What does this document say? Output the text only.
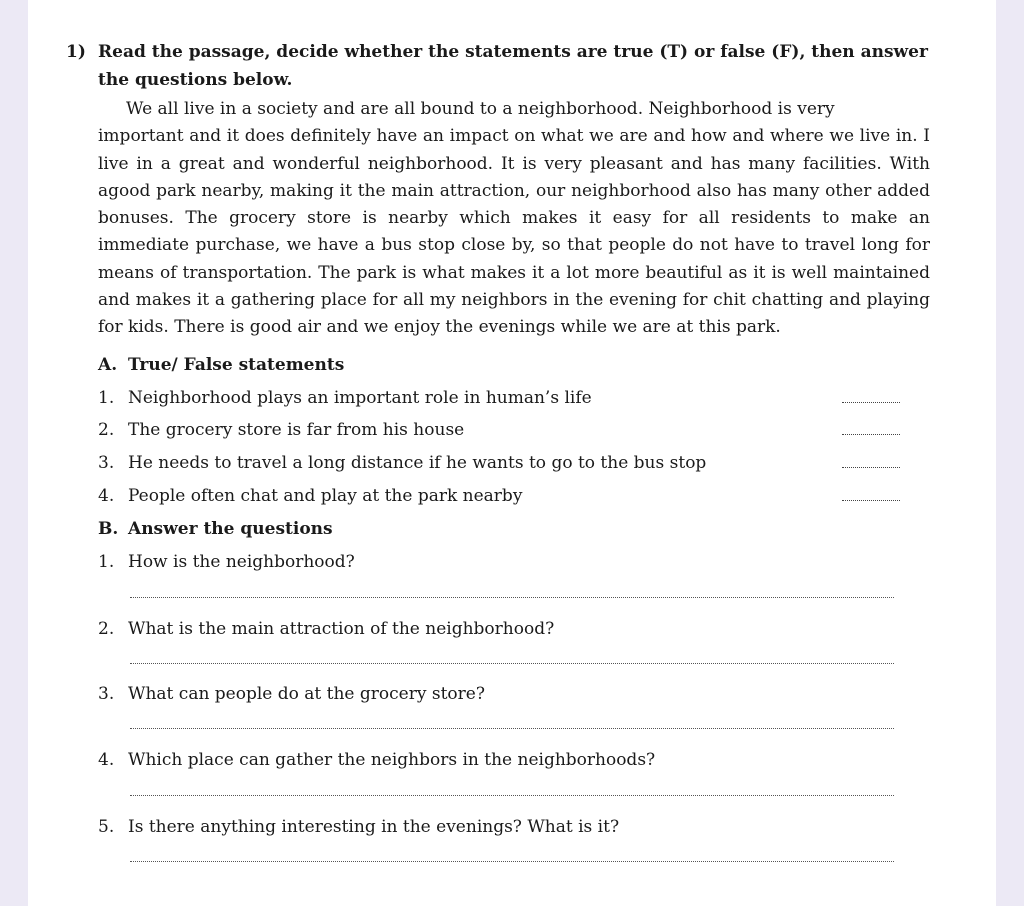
1) Read the passage, decide whether the statements are true (T) or false (F), then answer
the questions below.
We all live in a society and are all bound to a neighborhood. Neighborhood is very
important and it does definitely have an impact on what we are and how and where we live in. I live in a great and wonderful neighborhood. It is very pleasant and has many facilities. With agood park nearby, making it the main attraction, our neighborhood also has many other added bonuses. The grocery store is nearby which makes it easy for all residents to make an immediate purchase, we have a bus stop close by, so that people do not have to travel long for means of transportation. The park is what makes it a lot more beautiful as it is well maintained and makes it a gathering place for all my neighbors in the evening for chit chatting and playing for kids. There is good air and we enjoy the evenings while we are at this park.
A. True/ False statements
1. Neighborhood plays an important role in human’s life
2. The grocery store is far from his house
3. He needs to travel a long distance if he wants to go to the bus stop
4. People often chat and play at the park nearby
B. Answer the questions
1. How is the neighborhood?
2. What is the main attraction of the neighborhood?
3. What can people do at the grocery store?
4. Which place can gather the neighbors in the neighborhoods?
5. Is there anything interesting in the evenings? What is it?
